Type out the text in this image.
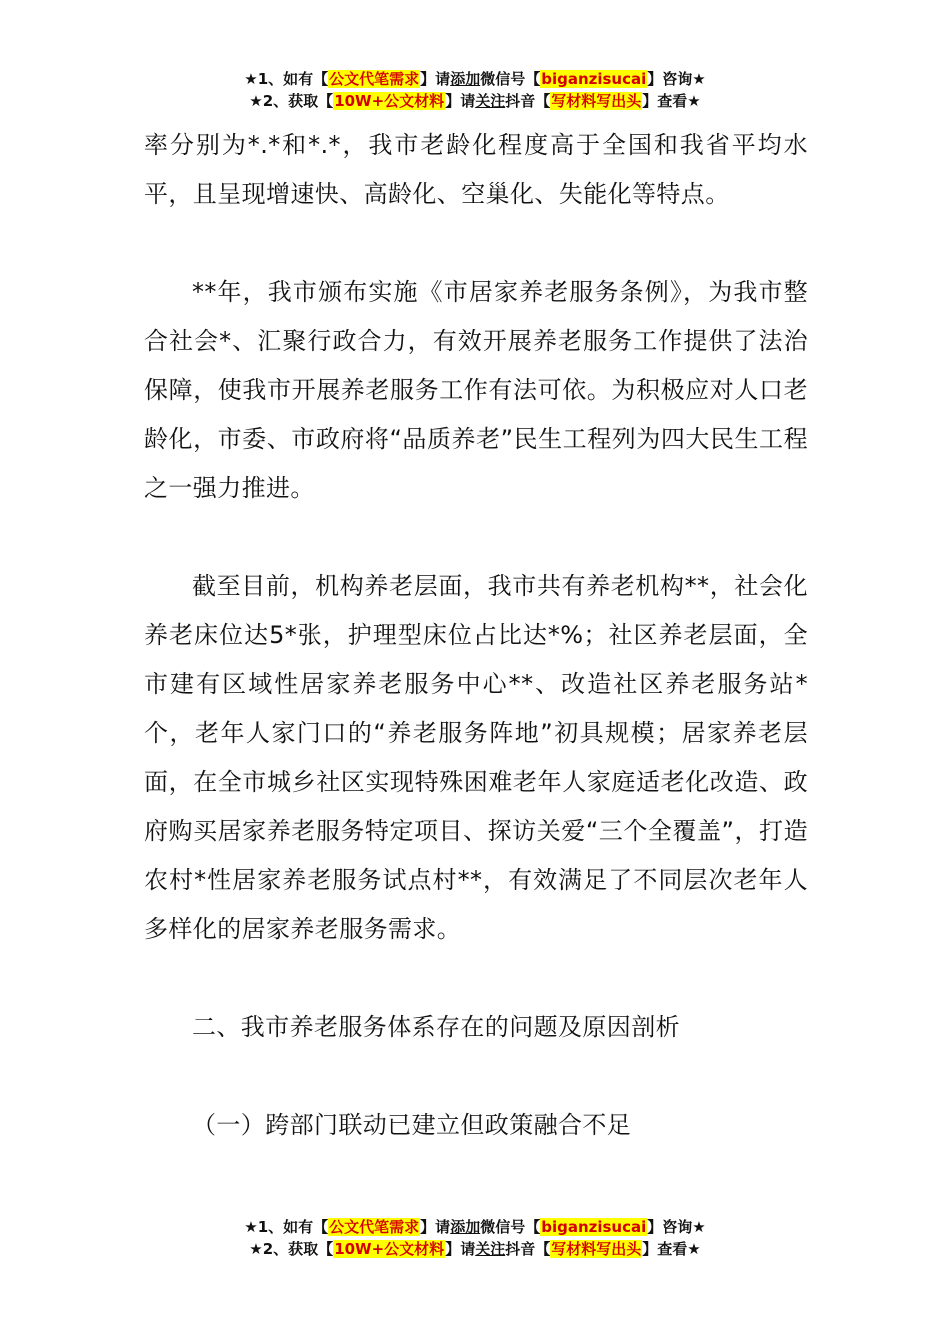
★1、如有【公文代笔需求】请添加微信号【biganzisucai】咨询★
★2、获取【10W+公文材料】请关注抖音【写材料写出头】查看★

率分别为*.*和*.*，我市老龄化程度高于全国和我省平均水平，且呈现增速快、高龄化、空巢化、失能化等特点。

**年，我市颁布实施《市居家养老服务条例》，为我市整合社会*、汇聚行政合力，有效开展养老服务工作提供了法治保障，使我市开展养老服务工作有法可依。为积极应对人口老龄化，市委、市政府将“品质养老”民生工程列为四大民生工程之一强力推进。

截至目前，机构养老层面，我市共有养老机构**，社会化养老床位达5*张，护理型床位占比达*%；社区养老层面，全市建有区域性居家养老服务中心**、改造社区养老服务站*个，老年人家门口的“养老服务阵地”初具规模；居家养老层面，在全市城乡社区实现特殊困难老年人家庭适老化改造、政府购买居家养老服务特定项目、探访关爱“三个全覆盖”，打造农村*性居家养老服务试点村**，有效满足了不同层次老年人多样化的居家养老服务需求。

二、我市养老服务体系存在的问题及原因剖析

（一）跨部门联动已建立但政策融合不足

★1、如有【公文代笔需求】请添加微信号【biganzisucai】咨询★
★2、获取【10W+公文材料】请关注抖音【写材料写出头】查看★
